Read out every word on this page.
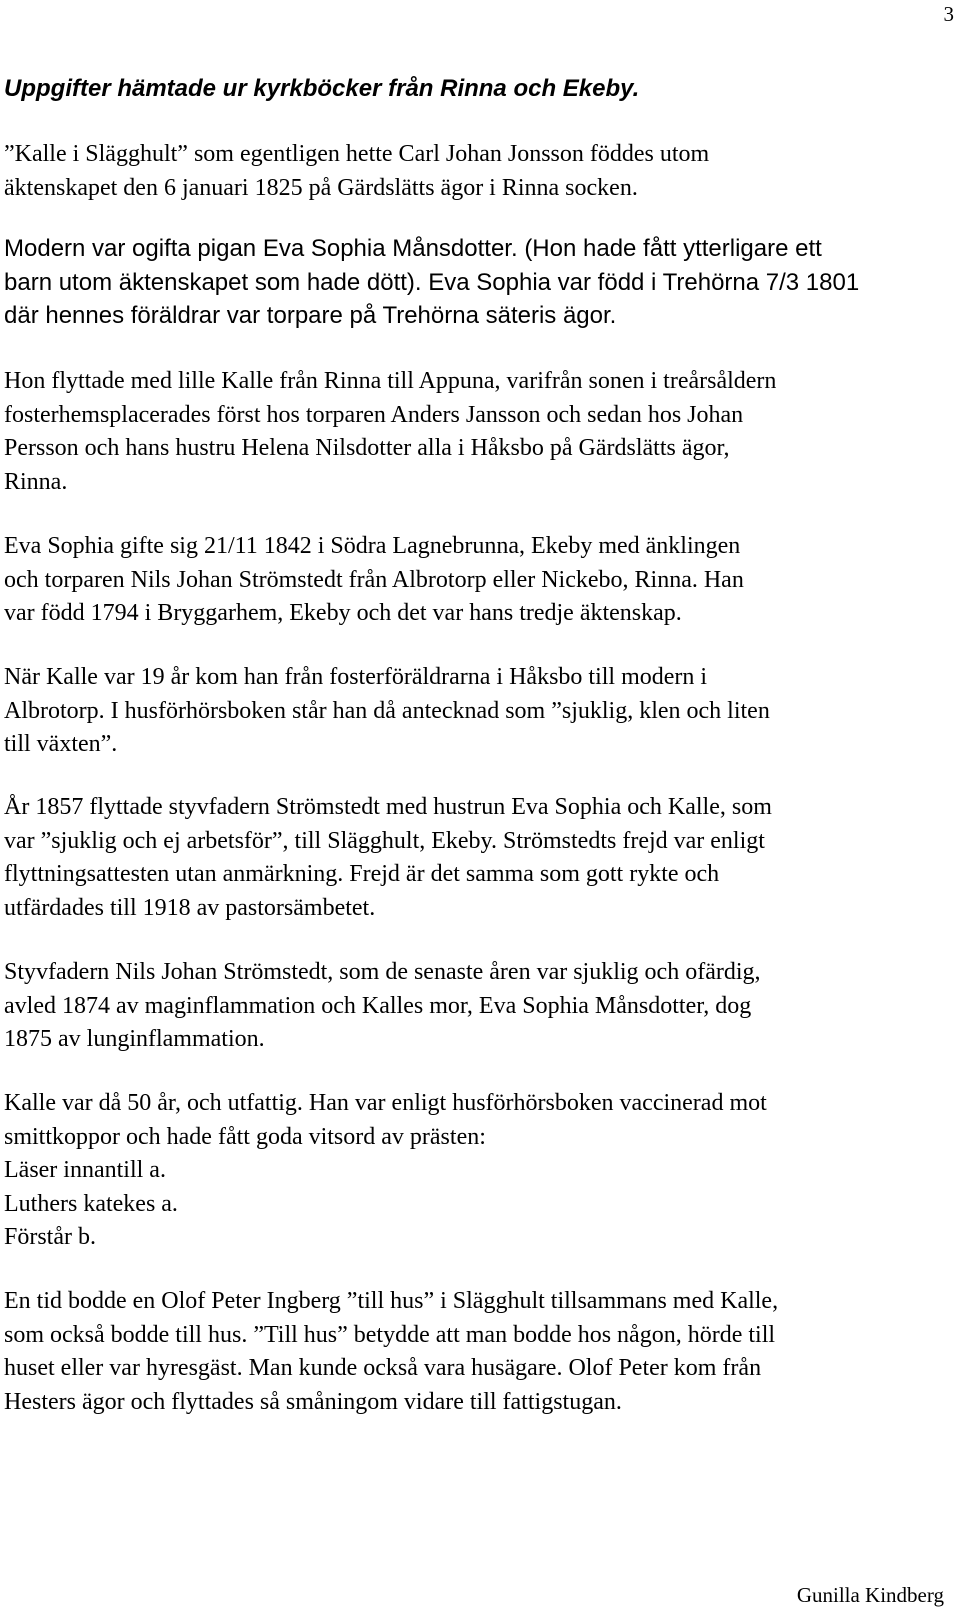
3
Uppgifter hämtade ur kyrkböcker från Rinna och Ekeby.

”Kalle i Slägghult” som egentligen hette Carl Johan Jonsson föddes utom
äktenskapet den 6 januari 1825 på Gärdslätts ägor i Rinna socken.

Modern var ogifta pigan Eva Sophia Månsdotter. (Hon hade fått ytterligare ett
barn utom äktenskapet som hade dött). Eva Sophia var född i Trehörna 7/3 1801
där hennes föräldrar var torpare på Trehörna säteris ägor.

Hon flyttade med lille Kalle från Rinna till Appuna, varifrån sonen i treårsåldern
fosterhemsplacerades först hos torparen Anders Jansson och sedan hos Johan
Persson och hans hustru Helena Nilsdotter alla i Håksbo på Gärdslätts ägor,
Rinna.

Eva Sophia gifte sig 21/11 1842 i Södra Lagnebrunna, Ekeby med änklingen
och torparen Nils Johan Strömstedt från Albrotorp eller Nickebo, Rinna. Han
var född 1794 i Bryggarhem, Ekeby och det var hans tredje äktenskap.

När Kalle var 19 år kom han från fosterföräldrarna i Håksbo till modern i
Albrotorp. I husförhörsboken står han då antecknad som ”sjuklig, klen och liten
till växten”.

År 1857 flyttade styvfadern Strömstedt med hustrun Eva Sophia och Kalle, som
var ”sjuklig och ej arbetsför”, till Slägghult, Ekeby. Strömstedts frejd var enligt
flyttningsattesten utan anmärkning. Frejd är det samma som gott rykte och
utfärdades till 1918 av pastorsämbetet.

Styvfadern Nils Johan Strömstedt, som de senaste åren var sjuklig och ofärdig,
avled 1874 av maginflammation och Kalles mor, Eva Sophia Månsdotter, dog
1875 av lunginflammation.

Kalle var då 50 år, och utfattig. Han var enligt husförhörsboken vaccinerad mot
smittkoppor och hade fått goda vitsord av prästen:
Läser innantill a.
Luthers katekes a.
Förstår b.

En tid bodde en Olof Peter Ingberg ”till hus” i Slägghult tillsammans med Kalle,
som också bodde till hus. ”Till hus” betydde att man bodde hos någon, hörde till
huset eller var hyresgäst. Man kunde också vara husägare. Olof Peter kom från
Hesters ägor och flyttades så småningom vidare till fattigstugan.

Gunilla Kindberg
